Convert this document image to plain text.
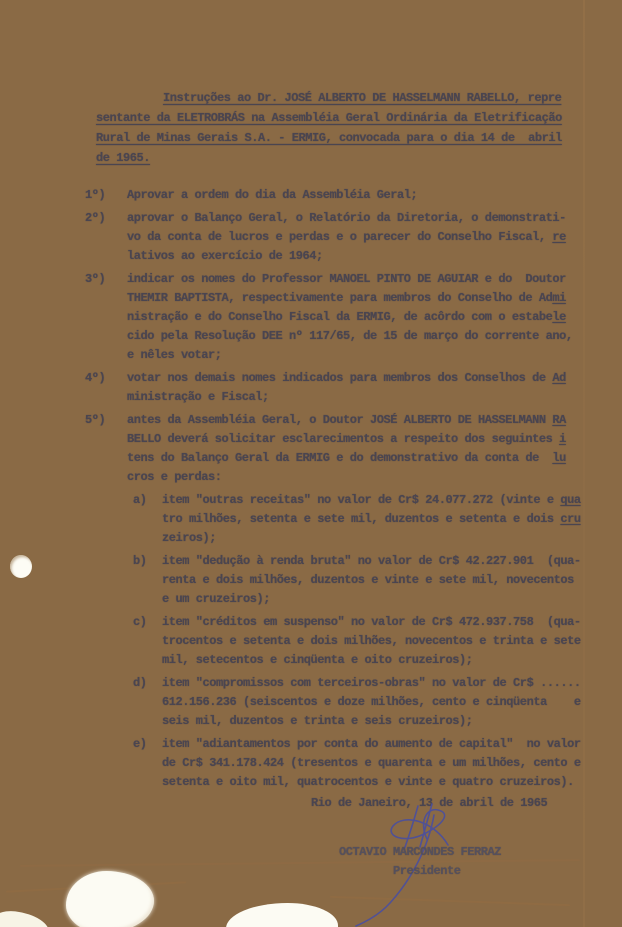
Instruções ao Dr. JOSÉ ALBERTO DE HASSELMANN RABELLO, repre
sentante da ELETROBRÁS na Assembléia Geral Ordinária da Eletrificação
Rural de Minas Gerais S.A. - ERMIG, convocada para o dia 14 de  abril
de 1965.
1º)	Aprovar a ordem do dia da Assembléia Geral;
2º)	aprovar o Balanço Geral, o Relatório da Diretoria, o demonstrati-
vo da conta de lucros e perdas e o parecer do Conselho Fiscal, re
lativos ao exercício de 1964;
3º)	indicar os nomes do Professor MANOEL PINTO DE AGUIAR e do  Doutor
THEMIR BAPTISTA, respectivamente para membros do Conselho de Admi
nistração e do Conselho Fiscal da ERMIG, de acôrdo com o estabele
cido pela Resolução DEE nº 117/65, de 15 de março do corrente ano,
e nêles votar;
4º)	votar nos demais nomes indicados para membros dos Conselhos de Ad
ministração e Fiscal;
5º)	antes da Assembléia Geral, o Doutor JOSÉ ALBERTO DE HASSELMANN RA
BELLO deverá solicitar esclarecimentos a respeito dos seguintes i
tens do Balanço Geral da ERMIG e do demonstrativo da conta de  lu
cros e perdas:
a)	item "outras receitas" no valor de Cr$ 24.077.272 (vinte e qua
tro milhões, setenta e sete mil, duzentos e setenta e dois cru
zeiros);
b)	item "dedução à renda bruta" no valor de Cr$ 42.227.901  (qua-
renta e dois milhões, duzentos e vinte e sete mil, novecentos
e um cruzeiros);
c)	item "créditos em suspenso" no valor de Cr$ 472.937.758  (qua-
trocentos e setenta e dois milhões, novecentos e trinta e sete
mil, setecentos e cinqüenta e oito cruzeiros);
d)	item "compromissos com terceiros-obras" no valor de Cr$ ......
612.156.236 (seiscentos e doze milhões, cento e cinqüenta    e
seis mil, duzentos e trinta e seis cruzeiros);
e)	item "adiantamentos por conta do aumento de capital"  no valor
de Cr$ 341.178.424 (tresentos e quarenta e um milhões, cento e
setenta e oito mil, quatrocentos e vinte e quatro cruzeiros).
Rio de Janeiro, 13 de abril de 1965
OCTAVIO MARCONDES FERRAZ
Presidente
